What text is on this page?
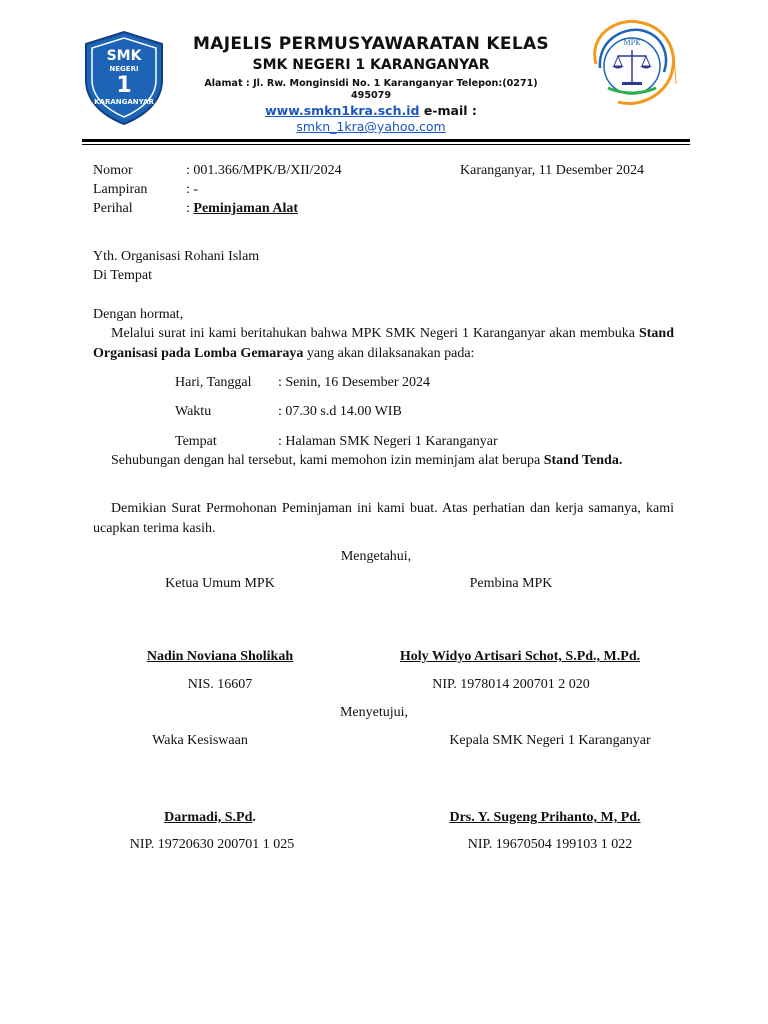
SMK
NEGERI
1
KARANGANYAR
MPK
MAJELIS PERMUSYAWARATAN KELAS
SMK NEGERI 1 KARANGANYAR
Alamat : Jl. Rw. Monginsidi No. 1 Karanganyar Telepon:(0271) 495079
www.smkn1kra.sch.id e-mail :
smkn_1kra@yahoo.com
Nomor	: 001.366/MPK/B/XII/2024	Karanganyar, 11 Desember 2024
Lampiran	: -
Perihal	: Peminjaman Alat
Yth. Organisasi Rohani Islam
Di Tempat
Dengan hormat,
Melalui surat ini kami beritahukan bahwa MPK SMK Negeri 1 Karanganyar akan membuka Stand Organisasi pada Lomba Gemaraya yang akan dilaksanakan pada:
Hari, Tanggal : Senin, 16 Desember 2024
Waktu	: 07.30 s.d 14.00 WIB
Tempat	: Halaman SMK Negeri 1 Karanganyar
Sehubungan dengan hal tersebut, kami memohon izin meminjam alat berupa Stand Tenda.
Demikian Surat Permohonan Peminjaman ini kami buat. Atas perhatian dan kerja samanya, kami ucapkan terima kasih.
Mengetahui,
Ketua Umum MPK	Pembina MPK
Nadin Noviana Sholikah	Holy Widyo Artisari Schot, S.Pd., M.Pd.
NIS. 16607	NIP. 1978014 200701 2 020
Menyetujui,
Waka Kesiswaan	Kepala SMK Negeri 1 Karanganyar
Darmadi, S.Pd.	Drs. Y. Sugeng Prihanto, M, Pd.
NIP. 19720630 200701 1 025	NIP. 19670504 199103 1 022
